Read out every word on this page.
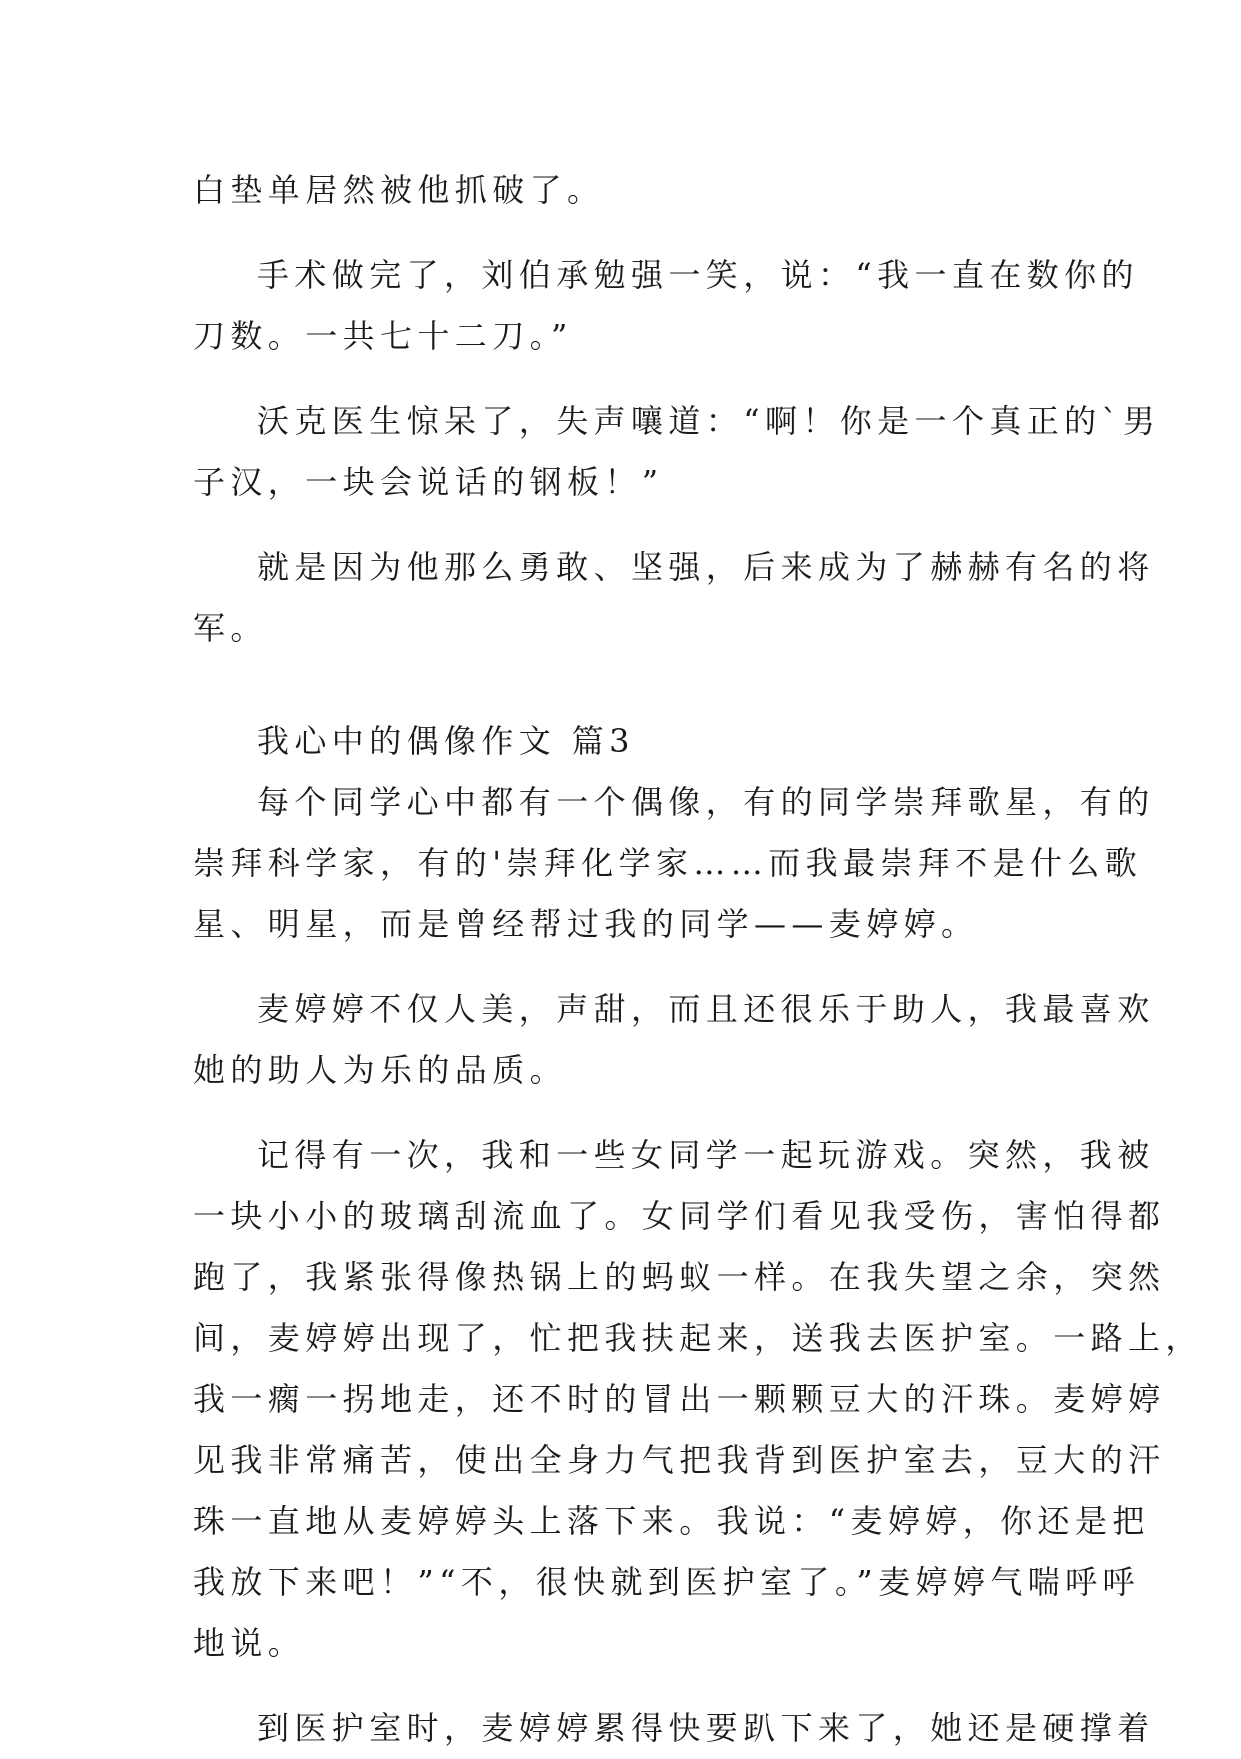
白垫单居然被他抓破了。
手术做完了，刘伯承勉强一笑，说：“我一直在数你的
刀数。一共七十二刀。”
沃克医生惊呆了，失声嚷道：“啊！你是一个真正的`男
子汉，一块会说话的钢板！”
就是因为他那么勇敢、坚强，后来成为了赫赫有名的将
军。
我心中的偶像作文 篇3
每个同学心中都有一个偶像，有的同学崇拜歌星，有的
崇拜科学家，有的'崇拜化学家……而我最崇拜不是什么歌
星、明星，而是曾经帮过我的同学——麦婷婷。
麦婷婷不仅人美，声甜，而且还很乐于助人，我最喜欢
她的助人为乐的品质。
记得有一次，我和一些女同学一起玩游戏。突然，我被
一块小小的玻璃刮流血了。女同学们看见我受伤，害怕得都
跑了，我紧张得像热锅上的蚂蚁一样。在我失望之余，突然
间，麦婷婷出现了，忙把我扶起来，送我去医护室。一路上，
我一瘸一拐地走，还不时的冒出一颗颗豆大的汗珠。麦婷婷
见我非常痛苦，使出全身力气把我背到医护室去，豆大的汗
珠一直地从麦婷婷头上落下来。我说：“麦婷婷，你还是把
我放下来吧！”“不，很快就到医护室了。”麦婷婷气喘呼呼
地说。
到医护室时，麦婷婷累得快要趴下来了，她还是硬撑着
